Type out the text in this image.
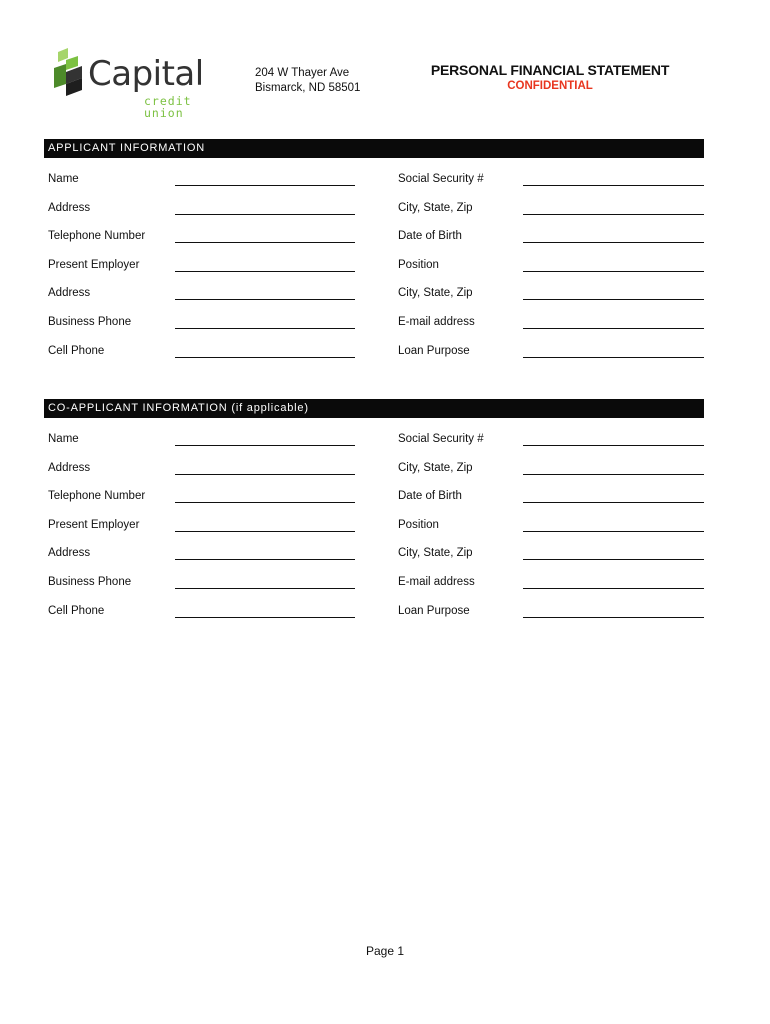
Capital
credit union
204 W Thayer Ave
Bismarck, ND 58501
PERSONAL FINANCIAL STATEMENT
CONFIDENTIAL
APPLICANT INFORMATION
Name	Social Security #
Address	City, State, Zip
Telephone Number	Date of Birth
Present Employer	Position
Address	City, State, Zip
Business Phone	E-mail address
Cell Phone	Loan Purpose
CO-APPLICANT INFORMATION (if applicable)
Name	Social Security #
Address	City, State, Zip
Telephone Number	Date of Birth
Present Employer	Position
Address	City, State, Zip
Business Phone	E-mail address
Cell Phone	Loan Purpose
Page 1
